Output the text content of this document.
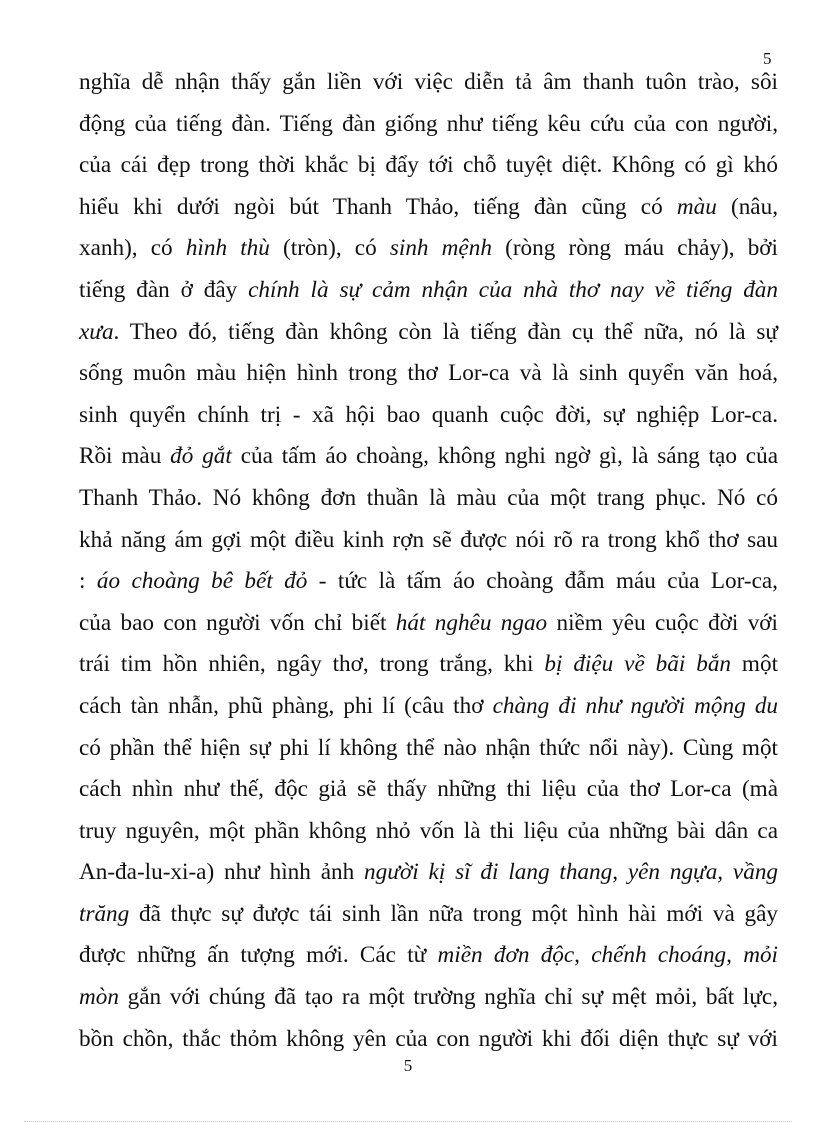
5
nghĩa dễ nhận thấy gắn liền với việc diễn tả âm thanh tuôn trào, sôi
động của tiếng đàn. Tiếng đàn giống như tiếng kêu cứu của con người,
của cái đẹp trong thời khắc bị đẩy tới chỗ tuyệt diệt. Không có gì khó
hiểu khi dưới ngòi bút Thanh Thảo, tiếng đàn cũng có màu (nâu,
xanh), có hình thù (tròn), có sinh mệnh (ròng ròng máu chảy), bởi
tiếng đàn ở đây chính là sự cảm nhận của nhà thơ nay về tiếng đàn
xưa. Theo đó, tiếng đàn không còn là tiếng đàn cụ thể nữa, nó là sự
sống muôn màu hiện hình trong thơ Lor-ca và là sinh quyển văn hoá,
sinh quyển chính trị - xã hội bao quanh cuộc đời, sự nghiệp Lor-ca.
Rồi màu đỏ gắt của tấm áo choàng, không nghi ngờ gì, là sáng tạo của
Thanh Thảo. Nó không đơn thuần là màu của một trang phục. Nó có
khả năng ám gợi một điều kinh rợn sẽ được nói rõ ra trong khổ thơ sau
: áo choàng bê bết đỏ - tức là tấm áo choàng đẫm máu của Lor-ca,
của bao con người vốn chỉ biết hát nghêu ngao niềm yêu cuộc đời với
trái tim hồn nhiên, ngây thơ, trong trắng, khi bị điệu về bãi bắn một
cách tàn nhẫn, phũ phàng, phi lí (câu thơ chàng đi như người mộng du
có phần thể hiện sự phi lí không thể nào nhận thức nổi này). Cùng một
cách nhìn như thế, độc giả sẽ thấy những thi liệu của thơ Lor-ca (mà
truy nguyên, một phần không nhỏ vốn là thi liệu của những bài dân ca
An-đa-lu-xi-a) như hình ảnh người kị sĩ đi lang thang, yên ngựa, vầng
trăng đã thực sự được tái sinh lần nữa trong một hình hài mới và gây
được những ấn tượng mới. Các từ miền đơn độc, chếnh choáng, mỏi
mòn gắn với chúng đã tạo ra một trường nghĩa chỉ sự mệt mỏi, bất lực,
bồn chồn, thắc thỏm không yên của con người khi đối diện thực sự với
5
